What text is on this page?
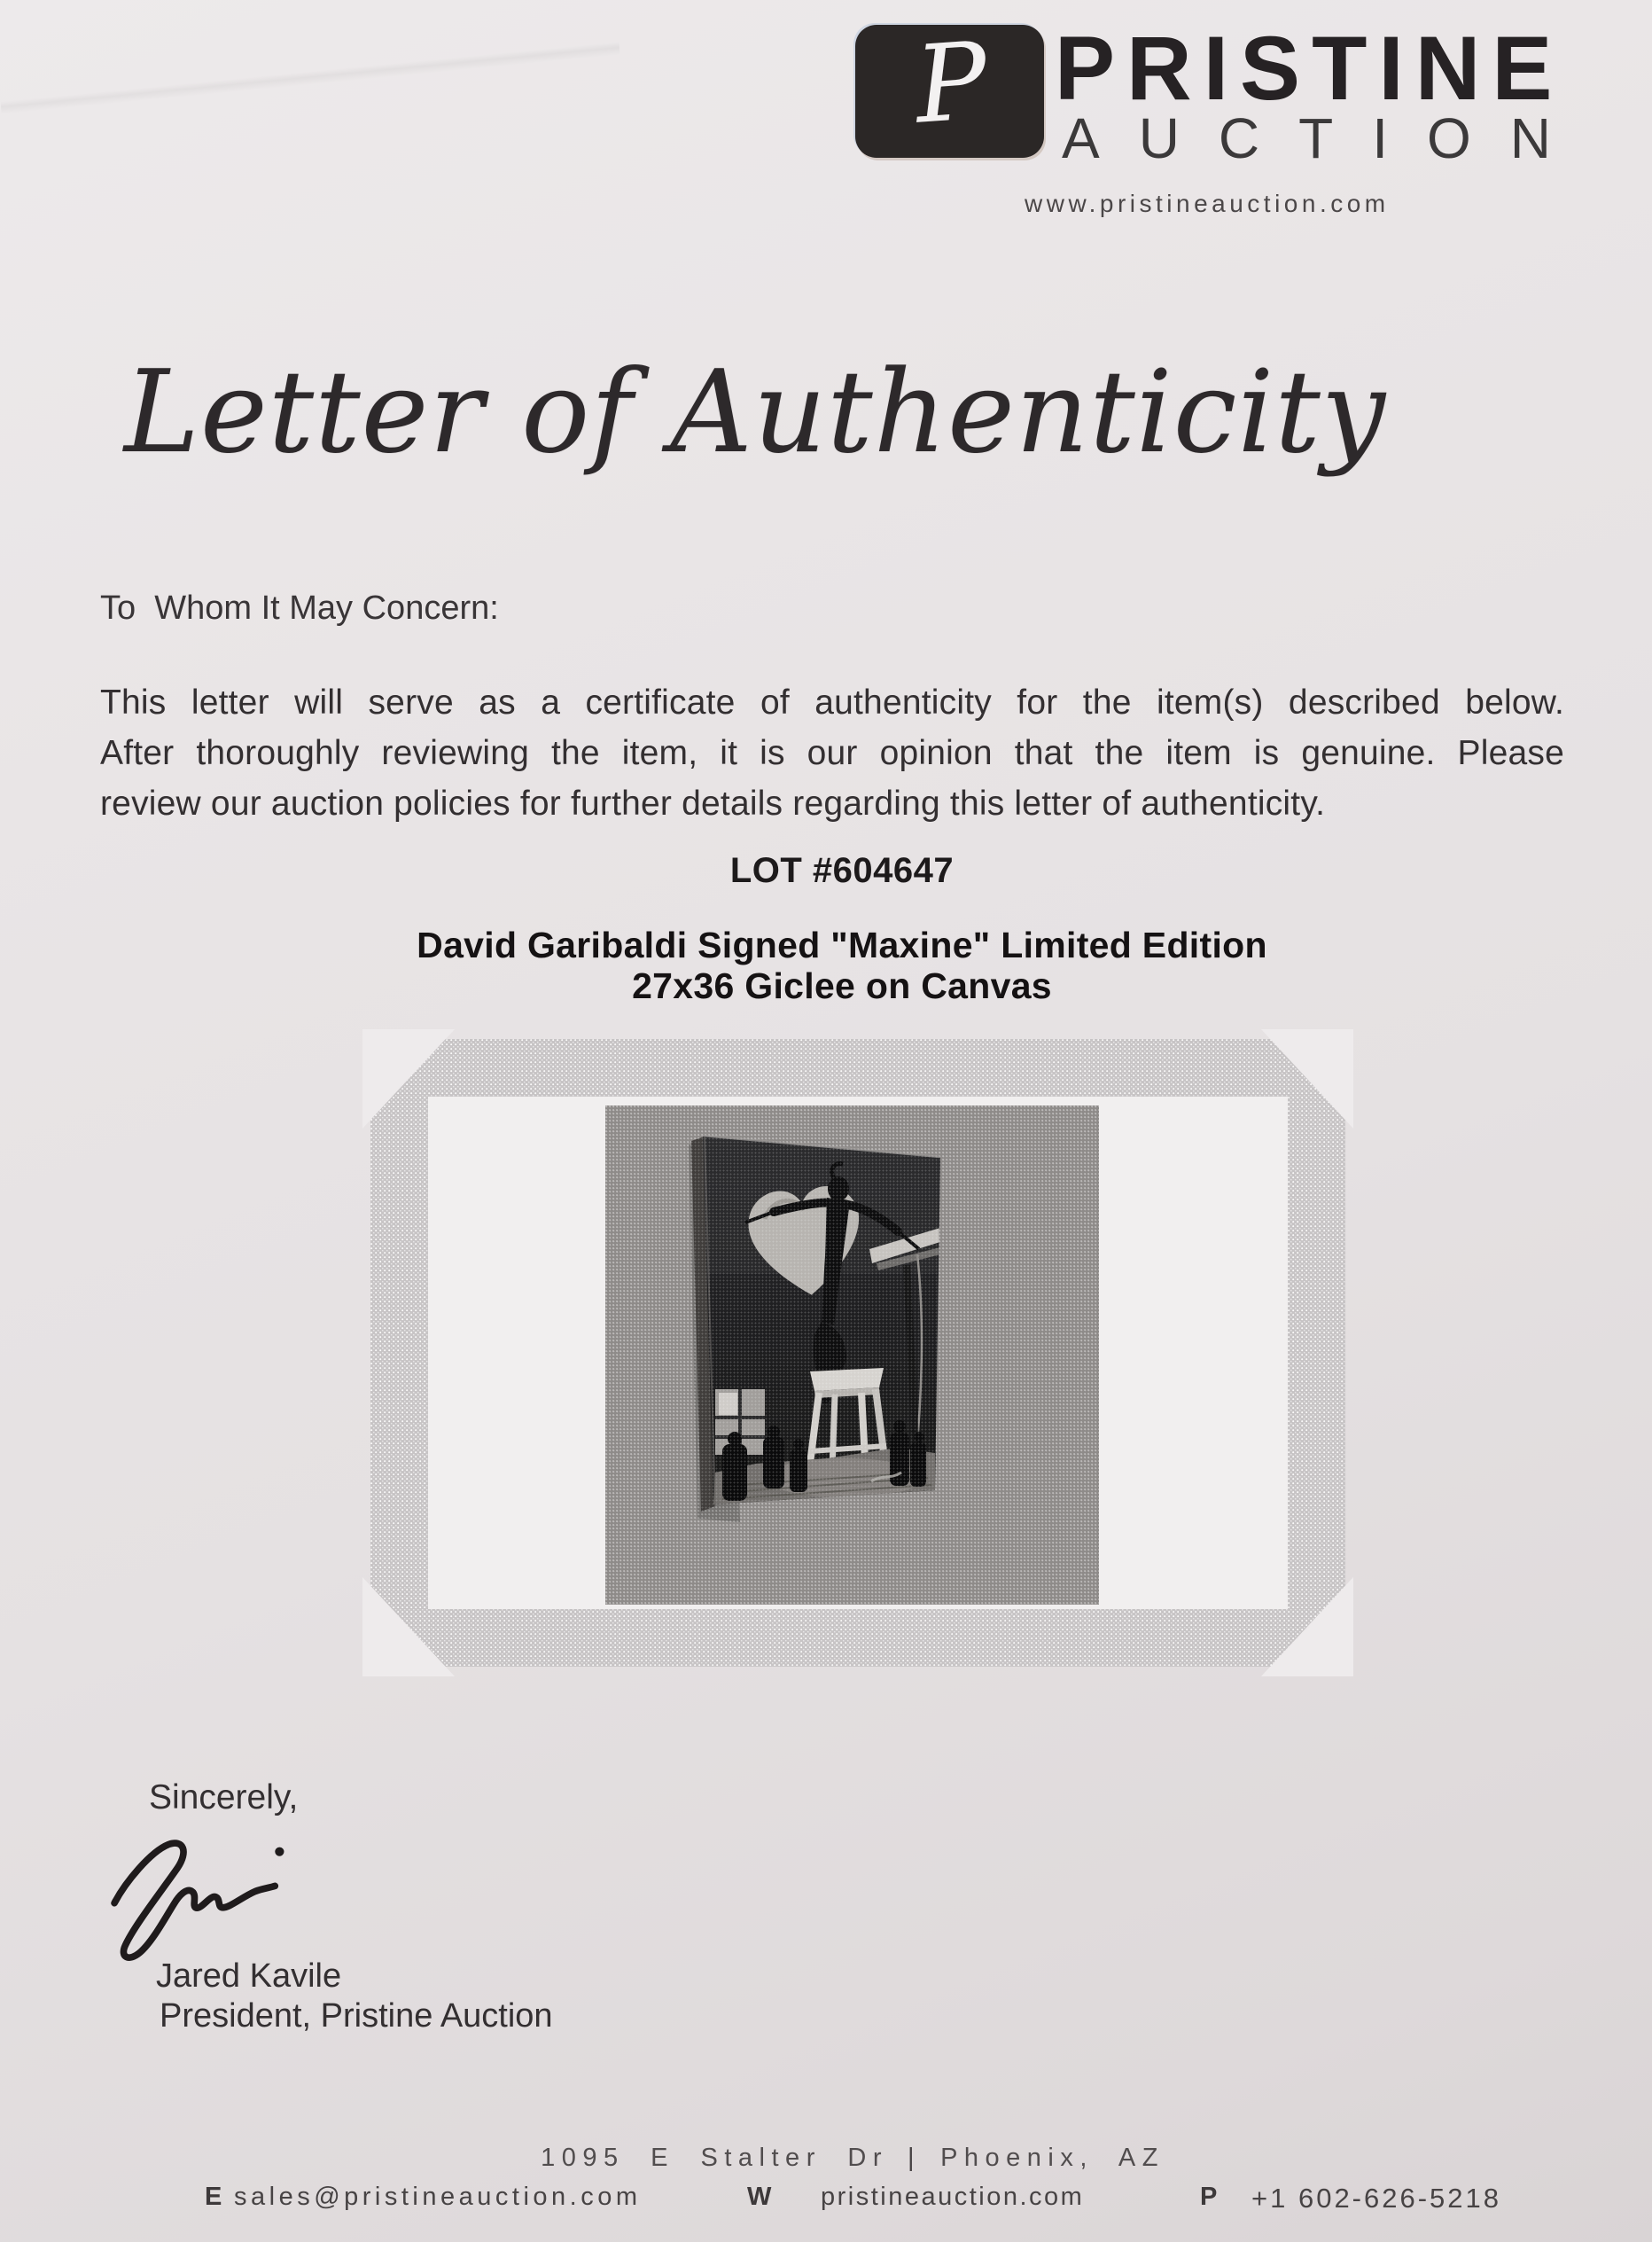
P PRISTINE
AUCTION
www.pristineauction.com
Letter of Authenticity
To  Whom It May Concern:
This letter will serve as a certificate of authenticity for the item(s) described below.
After thoroughly reviewing the item, it is our opinion that the item is genuine. Please
review our auction policies for further details regarding this letter of authenticity.
LOT #604647
David Garibaldi Signed "Maxine" Limited Edition
27x36 Giclee on Canvas
Sincerely,
Jared Kavile
President, Pristine Auction
1095 E Stalter Dr | Phoenix, AZ
E sales@pristineauction.com	W pristineauction.com	P +1 602-626-5218
